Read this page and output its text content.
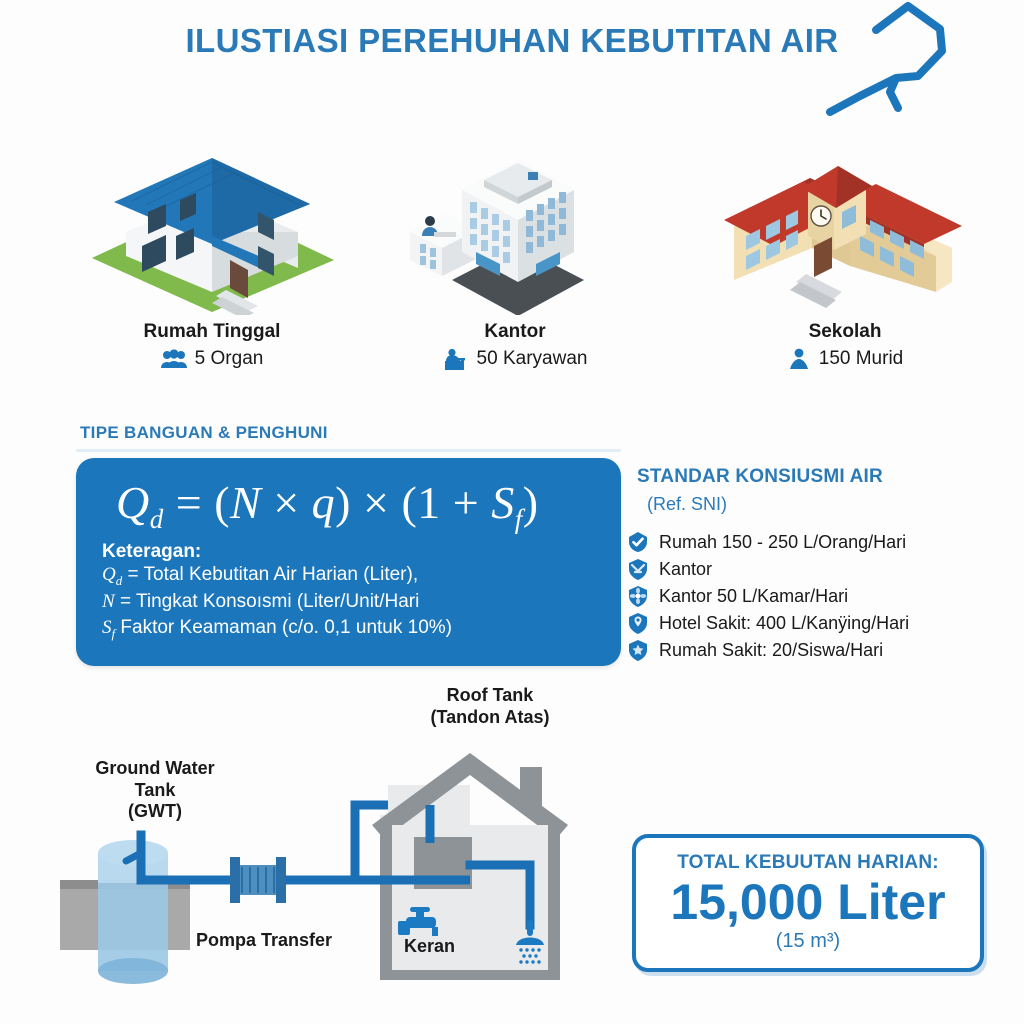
ILUSTIASI PEREHUHAN KEBUTITAN AIR
Rumah Tinggal
5 Organ
Kantor
50 Karyawan
Sekolah
150 Murid
TIPE BANGUAN & PENGHUNI
$Q_d = (N \times q) \times (1 + S_f)$
Keteragan:
$Q_d$ = Total Kebutitan Air Harian (Liter),
N = Tingkat Konsoısmi (Liter/Unit/Hari
$S_f$ Faktor Keamaman (c/o. 0,1 untuk 10%)
STANDAR KONSIUSMI AIR
(Ref. SNI)
Rumah 150 - 250 L/Orang/Hari
Kantor
Kantor 50 L/Kamar/Hari
Hotel Sakit: 400 L/Kanÿing/Hari
Rumah Sakit: 20/Siswa/Hari
Roof Tank
(Tandon Atas)
Ground Water
Tank
(GWT)
Pompa Transfer	Keran
TOTAL KEBUUTAN HARIAN:
15,000 Liter
(15 m³)
